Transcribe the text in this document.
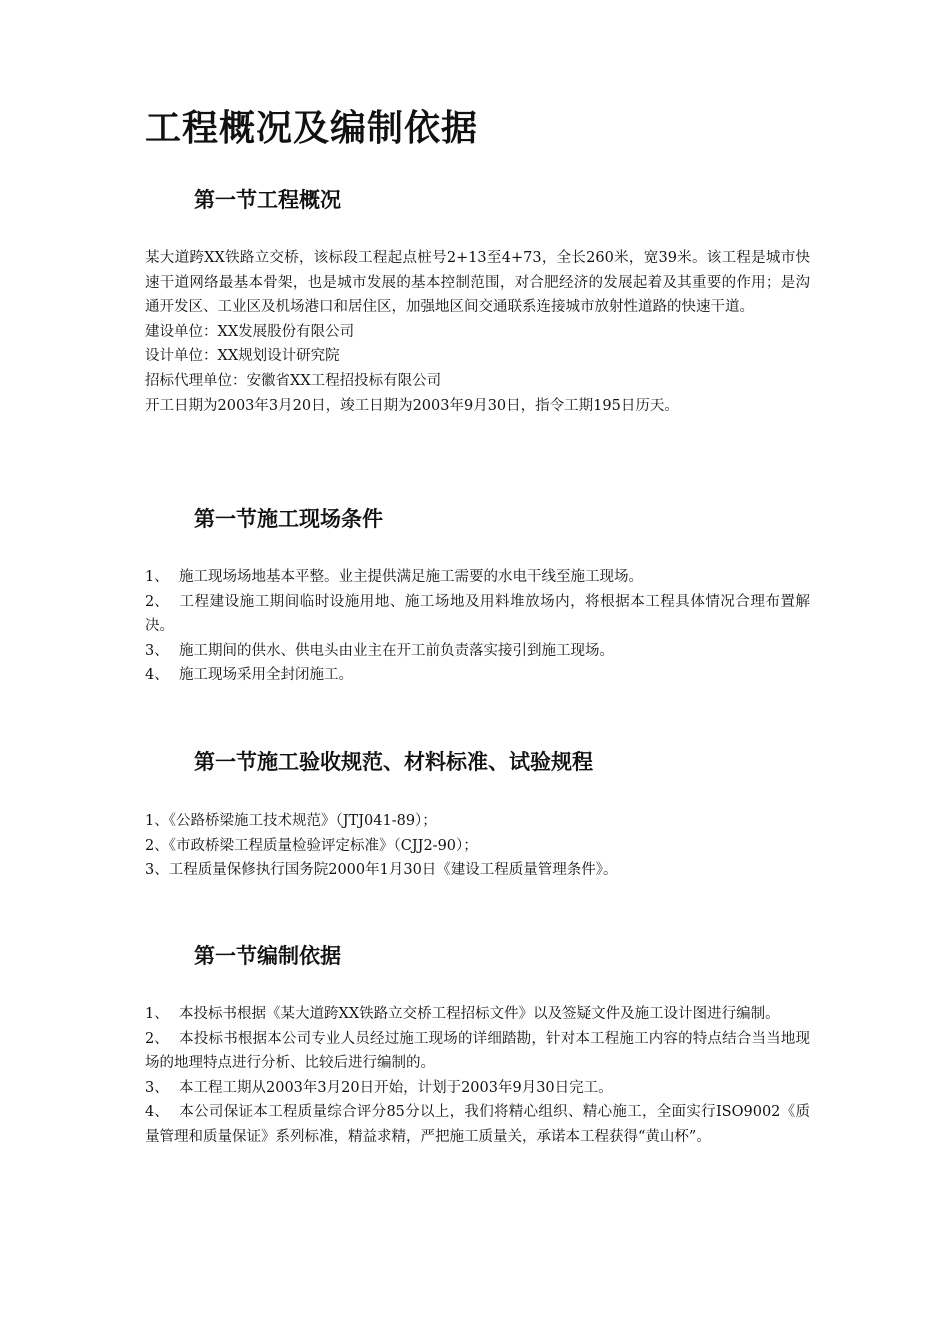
工程概况及编制依据
第一节工程概况

某大道跨XX铁路立交桥，该标段工程起点桩号2+13至4+73，全长260米，宽39米。该工程是城市快速干道网络最基本骨架，也是城市发展的基本控制范围，对合肥经济的发展起着及其重要的作用；是沟通开发区、工业区及机场港口和居住区，加强地区间交通联系连接城市放射性道路的快速干道。

建设单位：XX发展股份有限公司

设计单位：XX规划设计研究院

招标代理单位：安徽省XX工程招投标有限公司

开工日期为2003年3月20日，竣工日期为2003年9月30日，指令工期195日历天。

第一节施工现场条件

1、 施工现场场地基本平整。业主提供满足施工需要的水电干线至施工现场。

2、 工程建设施工期间临时设施用地、施工场地及用料堆放场内，将根据本工程具体情况合理布置解决。

3、 施工期间的供水、供电头由业主在开工前负责落实接引到施工现场。

4、 施工现场采用全封闭施工。

第一节施工验收规范、材料标准、试验规程

1、《公路桥梁施工技术规范》（JTJ041-89）；

2、《市政桥梁工程质量检验评定标准》（CJJ2-90）；

3、工程质量保修执行国务院2000年1月30日《建设工程质量管理条件》。

第一节编制依据

1、 本投标书根据《某大道跨XX铁路立交桥工程招标文件》以及签疑文件及施工设计图进行编制。

2、 本投标书根据本公司专业人员经过施工现场的详细踏勘，针对本工程施工内容的特点结合当当地现场的地理特点进行分析、比较后进行编制的。

3、 本工程工期从2003年3月20日开始，计划于2003年9月30日完工。

4、 本公司保证本工程质量综合评分85分以上，我们将精心组织、精心施工，全面实行ISO9002《质量管理和质量保证》系列标准，精益求精，严把施工质量关，承诺本工程获得“黄山杯”。
